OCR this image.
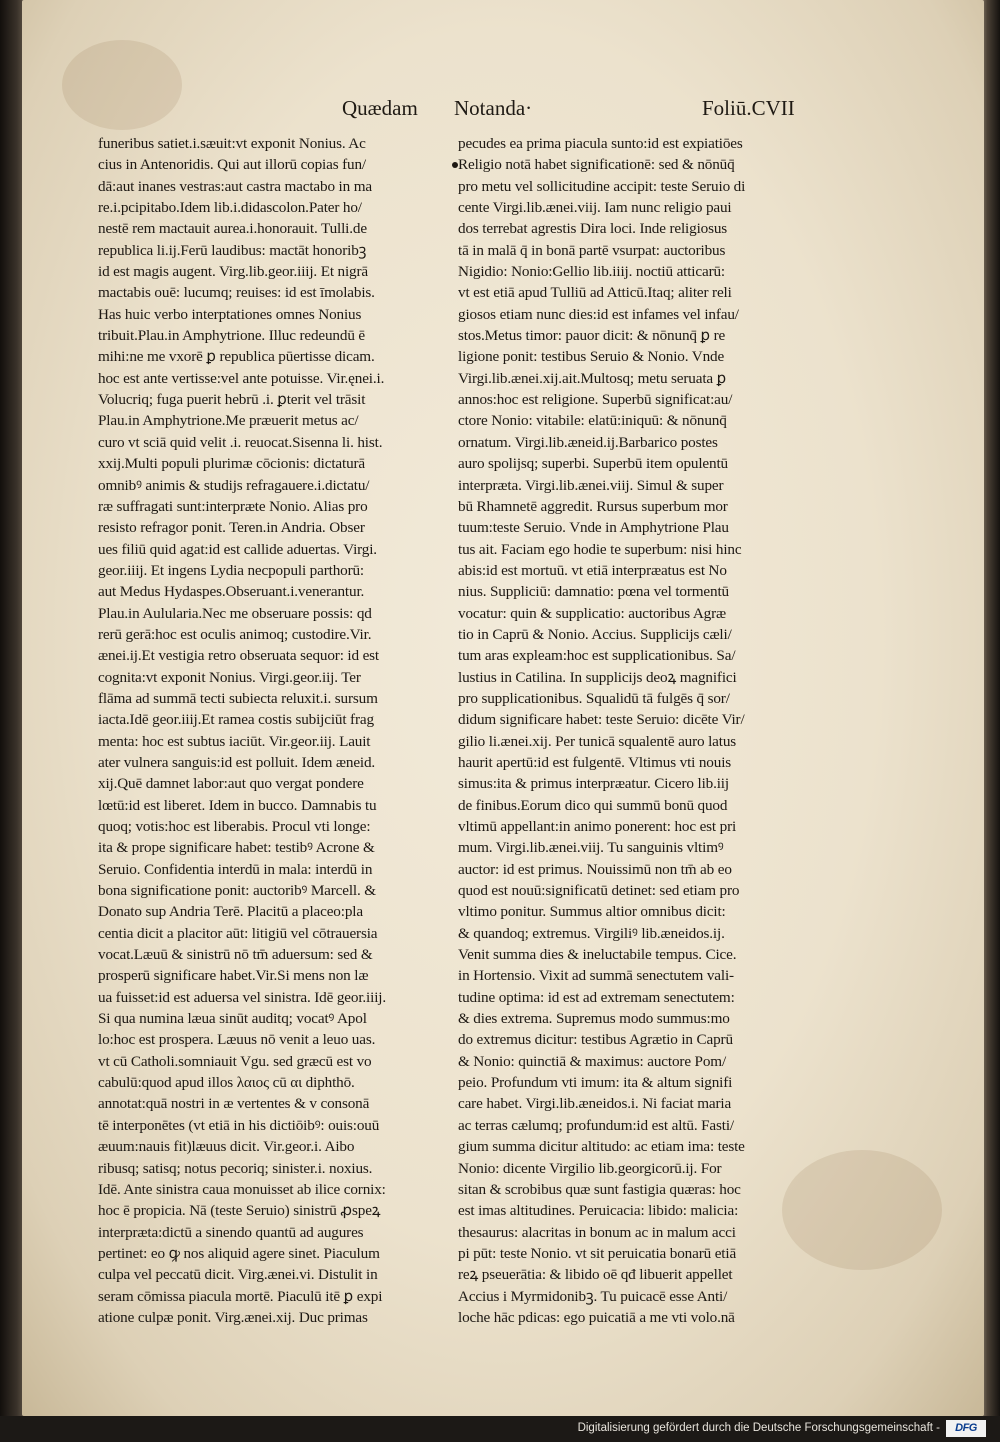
Quædam Notanda·	Foliū.CVII
funeribus satiet.i.sæuit:vt exponit Nonius. Ac
cius in Antenoridis. Qui aut illorū copias fun/
dā:aut inanes vestras:aut castra mactabo in ma
re.i.pcipitabo.Idem lib.i.didascolon.Pater ho/
nestē rem mactauit aurea.i.honorauit. Tulli.de
republica li.ij.Ferū laudibus: mactāt honoribꝫ
id est magis augent. Virg.lib.geor.iiij. Et nigrā
mactabis ouē: lucumq; reuises: id est īmolabis.
Has huic verbo interptationes omnes Nonius
tribuit.Plau.in Amphytrione. Illuc redeundū ē
mihi:ne me vxorē ꝑ republica pūertisse dicam.
hoc est ante vertisse:vel ante potuisse. Vir.ęnei.i.
Volucriq; fuga puerit hebrū .i. ꝑterit vel trāsit
Plau.in Amphytrione.Me præuerit metus ac/
curo vt sciā quid velit .i. reuocat.Sisenna li. hist.
xxij.Multi populi plurimæ cōcionis: dictaturā
omnibꝰ animis & studijs refragauere.i.dictatu/
ræ suffragati sunt:interpræte Nonio. Alias pro
resisto refragor ponit. Teren.in Andria. Obser
ues filiū quid agat:id est callide aduertas. Virgi.
geor.iiij. Et ingens Lydia necpopuli parthorū:
aut Medus Hydaspes.Obseruant.i.venerantur.
Plau.in Aulularia.Nec me obseruare possis: qd
rerū gerā:hoc est oculis animoq; custodire.Vir.
ænei.ij.Et vestigia retro obseruata sequor: id est
cognita:vt exponit Nonius. Virgi.geor.iij. Ter
flāma ad summā tecti subiecta reluxit.i. sursum
iacta.Idē geor.iiij.Et ramea costis subijciūt frag
menta: hoc est subtus iaciūt. Vir.geor.iij. Lauit
ater vulnera sanguis:id est polluit. Idem æneid.
xij.Quē damnet labor:aut quo vergat pondere
lœtū:id est liberet. Idem in bucco. Damnabis tu
quoq; votis:hoc est liberabis. Procul vti longe:
ita & prope significare habet: testibꝰ Acrone &
Seruio. Confidentia interdū in mala: interdū in
bona significatione ponit: auctoribꝰ Marcell. &
Donato sup Andria Terē. Placitū a placeo:pla
centia dicit a placitor aūt: litigiū vel cōtrauersia
vocat.Læuū & sinistrū nō tm̄ aduersum: sed &
prosperū significare habet.Vir.Si mens non læ
ua fuisset:id est aduersa vel sinistra. Idē geor.iiij.
Si qua numina læua sinūt auditq; vocatꝰ Apol
lo:hoc est prospera. Læuus nō venit a leuo uas.
vt cū Catholi.somniauit Vgu. sed græcū est vo
cabulū:quod apud illos λαιος cū αι diphthō.
annotat:quā nostri in æ vertentes & v consonā
tē interponētes (vt etiā in his dictiōibꝰ: ouis:ouū
æuum:nauis fit)læuus dicit. Vir.geor.i. Aibo
ribusq; satisq; notus pecoriq; sinister.i. noxius.
Idē. Ante sinistra caua monuisset ab ilice cornix:
hoc ē propicia. Nā (teste Seruio) sinistrū ꝓspeꝝ
interpræta:dictū a sinendo quantū ad augures
pertinet: eo ꝙ nos aliquid agere sinet. Piaculum
culpa vel peccatū dicit. Virg.ænei.vi. Distulit in
seram cōmissa piacula mortē. Piaculū itē ꝑ expi
atione culpæ ponit. Virg.ænei.xij. Duc primas
pecudes ea prima piacula sunto:id est expiatiōes
Religio notā habet significationē: sed & nōnūq̄
pro metu vel sollicitudine accipit: teste Seruio di
cente Virgi.lib.ænei.viij. Iam nunc religio paui
dos terrebat agrestis Dira loci. Inde religiosus
tā in malā q̄ in bonā partē vsurpat: auctoribus
Nigidio: Nonio:Gellio lib.iiij. noctiū atticarū:
vt est etiā apud Tulliū ad Atticū.Itaq; aliter reli
giosos etiam nunc dies:id est infames vel infau/
stos.Metus timor: pauor dicit: & nōnunq̄ ꝑ re
ligione ponit: testibus Seruio & Nonio. Vnde
Virgi.lib.ænei.xij.ait.Multosq; metu seruata ꝑ
annos:hoc est religione. Superbū significat:au/
ctore Nonio: vitabile: elatū:iniquū: & nōnunq̄
ornatum. Virgi.lib.æneid.ij.Barbarico postes
auro spolijsq; superbi. Superbū item opulentū
interpræta. Virgi.lib.ænei.viij. Simul & super
bū Rhamnetē aggredit. Rursus superbum mor
tuum:teste Seruio. Vnde in Amphytrione Plau
tus ait. Faciam ego hodie te superbum: nisi hinc
abis:id est mortuū. vt etiā interpræatus est No
nius. Suppliciū: damnatio: pœna vel tormentū
vocatur: quin & supplicatio: auctoribus Agræ
tio in Caprū & Nonio. Accius. Supplicijs cæli/
tum aras expleam:hoc est supplicationibus. Sa/
lustius in Catilina. In supplicijs deoꝝ magnifici
pro supplicationibus. Squalidū tā fulgēs q̄ sor/
didum significare habet: teste Seruio: dicēte Vir/
gilio li.ænei.xij. Per tunicā squalentē auro latus
haurit apertū:id est fulgentē. Vltimus vti nouis
simus:ita & primus interpræatur. Cicero lib.iij
de finibus.Eorum dico qui summū bonū quod
vltimū appellant:in animo ponerent: hoc est pri
mum. Virgi.lib.ænei.viij. Tu sanguinis vltimꝰ
auctor: id est primus. Nouissimū non tm̄ ab eo
quod est nouū:significatū detinet: sed etiam pro
vltimo ponitur. Summus altior omnibus dicit:
& quandoq; extremus. Virgiliꝰ lib.æneidos.ij.
Venit summa dies & ineluctabile tempus. Cice.
in Hortensio. Vixit ad summā senectutem vali-
tudine optima: id est ad extremam senectutem:
& dies extrema. Supremus modo summus:mo
do extremus dicitur: testibus Agrætio in Caprū
& Nonio: quinctiā & maximus: auctore Pom/
peio. Profundum vti imum: ita & altum signifi
care habet. Virgi.lib.æneidos.i. Ni faciat maria
ac terras cælumq; profundum:id est altū. Fasti/
gium summa dicitur altitudo: ac etiam ima: teste
Nonio: dicente Virgilio lib.georgicorū.ij. For
sitan & scrobibus quæ sunt fastigia quæras: hoc
est imas altitudines. Peruicacia: libido: malicia:
thesaurus: alacritas in bonum ac in malum acci
pi pūt: teste Nonio. vt sit peruicatia bonarū etiā
reꝝ pseuerātia: & libido oē qđ libuerit appellet
Accius i Myrmidonibꝫ. Tu puicacē esse Anti/
loche hāc pdicas: ego puicatiā a me vti volo.nā
Digitalisierung gefördert durch die Deutsche Forschungsgemeinschaft -	DFG
